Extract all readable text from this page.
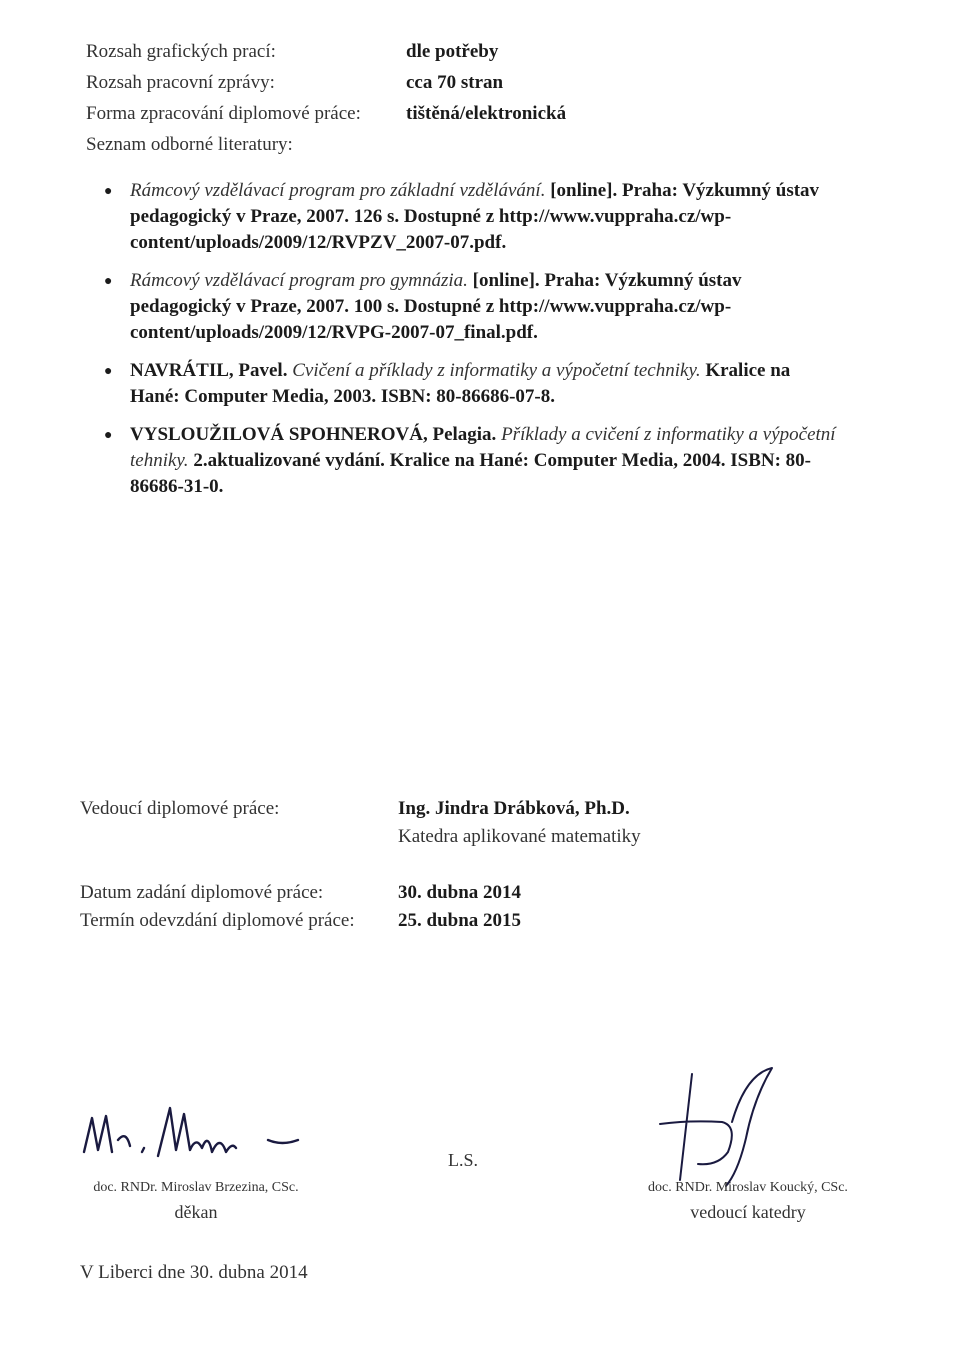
Rozsah grafických prací:	dle potřeby
Rozsah pracovní zprávy:	cca 70 stran
Forma zpracování diplomové práce:	tištěná/elektronická
Seznam odborné literatury:
● Rámcový vzdělávací program pro základní vzdělávání. [online]. Praha: Výzkumný ústav pedagogický v Praze, 2007. 126 s. Dostupné z http://www.vuppraha.cz/wp-content/uploads/2009/12/RVPZV_2007-07.pdf.
● Rámcový vzdělávací program pro gymnázia. [online]. Praha: Výzkumný ústav pedagogický v Praze, 2007. 100 s. Dostupné z http://www.vuppraha.cz/wp-content/uploads/2009/12/RVPG-2007-07_final.pdf.
● NAVRÁTIL, Pavel. Cvičení a příklady z informatiky a výpočetní techniky. Kralice na Hané: Computer Media, 2003. ISBN: 80-86686-07-8.
● VYSLOUŽILOVÁ SPOHNEROVÁ, Pelagia. Příklady a cvičení z informatiky a výpočetní tehniky. 2.aktualizované vydání. Kralice na Hané: Computer Media, 2004. ISBN: 80-86686-31-0.
Vedoucí diplomové práce:	Ing. Jindra Drábková, Ph.D.
Katedra aplikované matematiky
Datum zadání diplomové práce:	30. dubna 2014
Termín odevzdání diplomové práce: 25. dubna 2015
doc. RNDr. Miroslav Brzezina, CSc.
děkan
L.S.
doc. RNDr. Miroslav Koucký, CSc.
vedoucí katedry
V Liberci dne 30. dubna 2014
